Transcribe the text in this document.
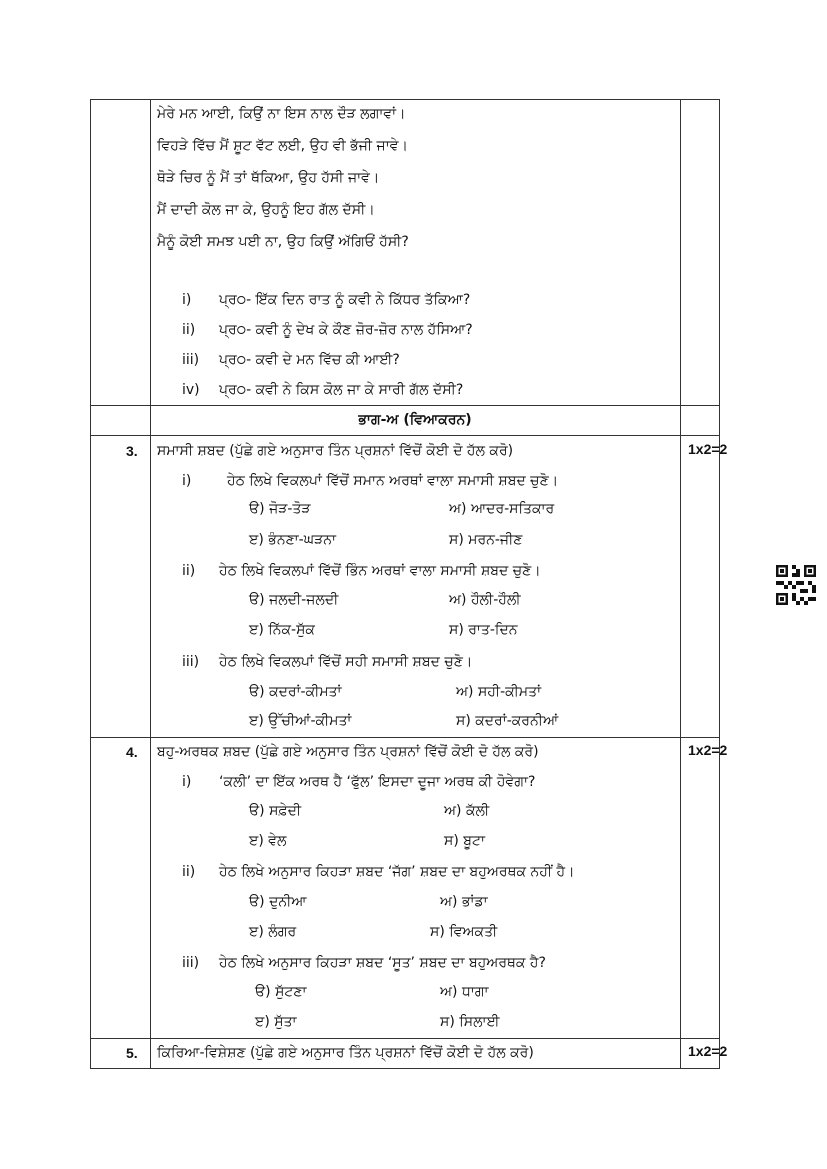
ਮੇਰੇ ਮਨ ਆਈ, ਕਿਉਂ ਨਾ ਇਸ ਨਾਲ ਦੌੜ ਲਗਾਵਾਂ।
ਵਿਹੜੇ ਵਿੱਚ ਮੈਂ ਸ਼ੂਟ ਵੱਟ ਲਈ, ਉਹ ਵੀ ਭੱਜੀ ਜਾਵੇ।
ਥੋੜੇ ਚਿਰ ਨੂੰ ਮੈਂ ਤਾਂ ਥੱਕਿਆ, ਉਹ ਹੱਸੀ ਜਾਵੇ।
ਮੈਂ ਦਾਦੀ ਕੋਲ ਜਾ ਕੇ, ਉਹਨੂੰ ਇਹ ਗੱਲ ਦੱਸੀ।
ਮੈਨੂੰ ਕੋਈ ਸਮਝ ਪਈ ਨਾ, ਉਹ ਕਿਉਂ ਅੱਗਿਓਂ ਹੱਸੀ?
i) ਪ੍ਰ੦- ਇੱਕ ਦਿਨ ਰਾਤ ਨੂੰ ਕਵੀ ਨੇ ਕਿੱਧਰ ਤੱਕਿਆ?
ii) ਪ੍ਰ੦- ਕਵੀ ਨੂੰ ਦੇਖ ਕੇ ਕੌਣ ਜ਼ੋਰ-ਜ਼ੋਰ ਨਾਲ ਹੱਸਿਆ?
iii) ਪ੍ਰ੦- ਕਵੀ ਦੇ ਮਨ ਵਿੱਚ ਕੀ ਆਈ?
iv) ਪ੍ਰ੦- ਕਵੀ ਨੇ ਕਿਸ ਕੋਲ ਜਾ ਕੇ ਸਾਰੀ ਗੱਲ ਦੱਸੀ?
ਭਾਗ-ਅ (ਵਿਆਕਰਨ)
3. ਸਮਾਸੀ ਸ਼ਬਦ (ਪੁੱਛੇ ਗਏ ਅਨੁਸਾਰ ਤਿੰਨ ਪ੍ਰਸ਼ਨਾਂ ਵਿੱਚੋਂ ਕੋਈ ਦੋ ਹੱਲ ਕਰੋ)	1x2=2
i)	ਹੇਠ ਲਿਖੇ ਵਿਕਲਪਾਂ ਵਿੱਚੋਂ ਸਮਾਨ ਅਰਥਾਂ ਵਾਲਾ ਸਮਾਸੀ ਸ਼ਬਦ ਚੁਣੋ।
ੳ) ਜੋੜ-ਤੋੜ	ਅ) ਆਦਰ-ਸਤਿਕਾਰ
ੲ) ਭੰਨਣਾ-ਘੜਨਾ	ਸ) ਮਰਨ-ਜੀਣ
ii) ਹੇਠ ਲਿਖੇ ਵਿਕਲਪਾਂ ਵਿੱਚੋਂ ਭਿੰਨ ਅਰਥਾਂ ਵਾਲਾ ਸਮਾਸੀ ਸ਼ਬਦ ਚੁਣੋ।
ੳ) ਜਲਦੀ-ਜਲਦੀ	ਅ) ਹੌਲੀ-ਹੌਲੀ
ੲ) ਨਿੱਕ-ਸੁੱਕ	ਸ) ਰਾਤ-ਦਿਨ
iii) ਹੇਠ ਲਿਖੇ ਵਿਕਲਪਾਂ ਵਿੱਚੋਂ ਸਹੀ ਸਮਾਸੀ ਸ਼ਬਦ ਚੁਣੋ।
ੳ) ਕਦਰਾਂ-ਕੀਮਤਾਂ	ਅ) ਸਹੀ-ਕੀਮਤਾਂ
ੲ) ਉੱਚੀਆਂ-ਕੀਮਤਾਂ	ਸ) ਕਦਰਾਂ-ਕਰਨੀਆਂ
4. ਬਹੁ-ਅਰਥਕ ਸ਼ਬਦ (ਪੁੱਛੇ ਗਏ ਅਨੁਸਾਰ ਤਿੰਨ ਪ੍ਰਸ਼ਨਾਂ ਵਿੱਚੋਂ ਕੋਈ ਦੋ ਹੱਲ ਕਰੋ)	1x2=2
i) ‘ਕਲੀ’ ਦਾ ਇੱਕ ਅਰਥ ਹੈ ‘ਫੁੱਲ’ ਇਸਦਾ ਦੂਜਾ ਅਰਥ ਕੀ ਹੋਵੇਗਾ?
ੳ) ਸਫ਼ੇਦੀ	ਅ) ਕੱਲੀ
ੲ) ਵੇਲ	ਸ) ਬੂਟਾ
ii) ਹੇਠ ਲਿਖੇ ਅਨੁਸਾਰ ਕਿਹੜਾ ਸ਼ਬਦ ‘ਜੱਗ’ ਸ਼ਬਦ ਦਾ ਬਹੁਅਰਥਕ ਨਹੀਂ ਹੈ।
ੳ) ਦੁਨੀਆ	ਅ) ਭਾਂਡਾ
ੲ) ਲੰਗਰ	ਸ) ਵਿਅਕਤੀ
iii) ਹੇਠ ਲਿਖੇ ਅਨੁਸਾਰ ਕਿਹੜਾ ਸ਼ਬਦ ‘ਸੂਤ’ ਸ਼ਬਦ ਦਾ ਬਹੁਅਰਥਕ ਹੈ?
ੳ) ਸੁੱਟਣਾ	ਅ) ਧਾਗਾ
ੲ) ਸੁੱਤਾ	ਸ) ਸਿਲਾਈ
5. ਕਿਰਿਆ-ਵਿਸ਼ੇਸ਼ਣ (ਪੁੱਛੇ ਗਏ ਅਨੁਸਾਰ ਤਿੰਨ ਪ੍ਰਸ਼ਨਾਂ ਵਿੱਚੋਂ ਕੋਈ ਦੋ ਹੱਲ ਕਰੋ)	1x2=2
